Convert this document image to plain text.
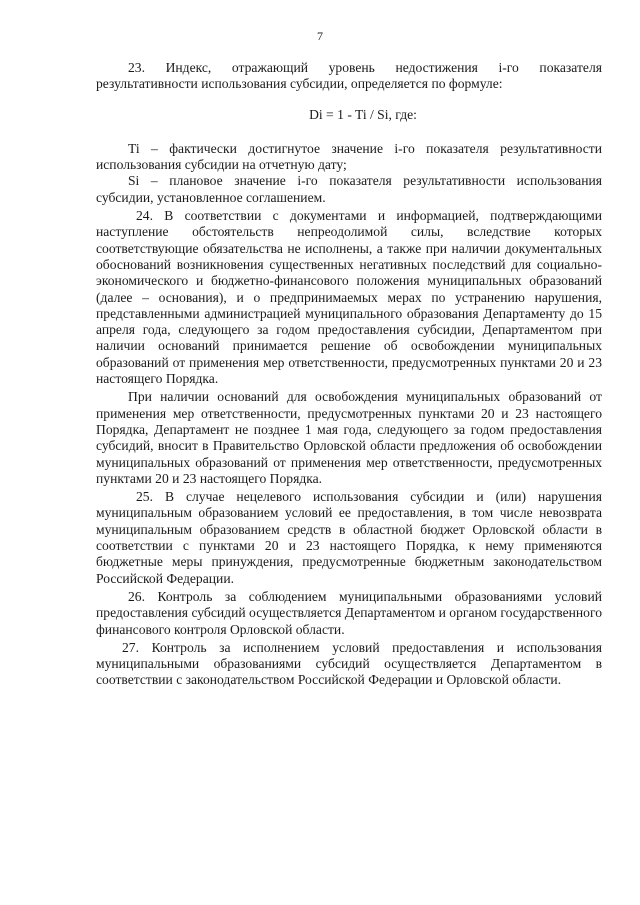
7

23. Индекс, отражающий уровень недостижения i-го показателя результативности использования субсидии, определяется по формуле:

Di = 1 - Ti / Si, где:

Ti – фактически достигнутое значение i-го показателя результативности использования субсидии на отчетную дату;

Si – плановое значение i-го показателя результативности использования субсидии, установленное соглашением.

24. В соответствии с документами и информацией, подтверждающими наступление обстоятельств непреодолимой силы, вследствие которых соответствующие обязательства не исполнены, а также при наличии документальных обоснований возникновения существенных негативных последствий для социально-экономического и бюджетно-финансового положения муниципальных образований (далее – основания), и о предпринимаемых мерах по устранению нарушения, представленными администрацией муниципального образования Департаменту до 15 апреля года, следующего за годом предоставления субсидии, Департаментом при наличии оснований принимается решение об освобождении муниципальных образований от применения мер ответственности, предусмотренных пунктами 20 и 23 настоящего Порядка.

При наличии оснований для освобождения муниципальных образований от применения мер ответственности, предусмотренных пунктами 20 и 23 настоящего Порядка, Департамент не позднее 1 мая года, следующего за годом предоставления субсидий, вносит в Правительство Орловской области предложения об освобождении муниципальных образований от применения мер ответственности, предусмотренных пунктами 20 и 23 настоящего Порядка.

25. В случае нецелевого использования субсидии и (или) нарушения муниципальным образованием условий ее предоставления, в том числе невозврата муниципальным образованием средств в областной бюджет Орловской области в соответствии с пунктами 20 и 23 настоящего Порядка, к нему применяются бюджетные меры принуждения, предусмотренные бюджетным законодательством Российской Федерации.

26. Контроль за соблюдением муниципальными образованиями условий предоставления субсидий осуществляется Департаментом и органом государственного финансового контроля Орловской области.

27. Контроль за исполнением условий предоставления и использования муниципальными образованиями субсидий осуществляется Департаментом в соответствии с законодательством Российской Федерации и Орловской области.
